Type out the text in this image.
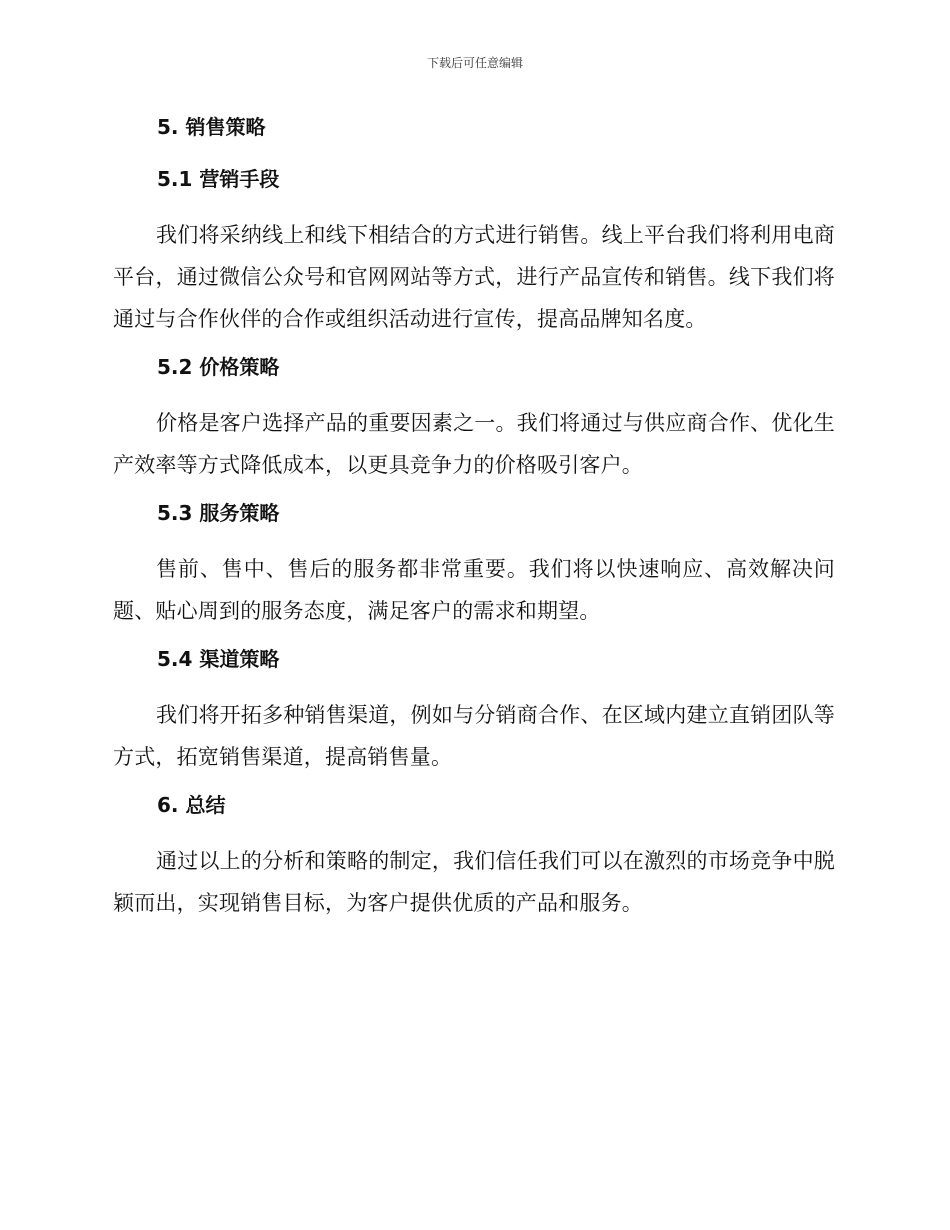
下载后可任意编辑
5. 销售策略
5.1 营销手段

我们将采纳线上和线下相结合的方式进行销售。线上平台我们将利用电商平台，通过微信公众号和官网网站等方式，进行产品宣传和销售。线下我们将通过与合作伙伴的合作或组织活动进行宣传，提高品牌知名度。

5.2 价格策略

价格是客户选择产品的重要因素之一。我们将通过与供应商合作、优化生产效率等方式降低成本，以更具竞争力的价格吸引客户。

5.3 服务策略

售前、售中、售后的服务都非常重要。我们将以快速响应、高效解决问题、贴心周到的服务态度，满足客户的需求和期望。

5.4 渠道策略

我们将开拓多种销售渠道，例如与分销商合作、在区域内建立直销团队等方式，拓宽销售渠道，提高销售量。

6. 总结

通过以上的分析和策略的制定，我们信任我们可以在激烈的市场竞争中脱颖而出，实现销售目标，为客户提供优质的产品和服务。
